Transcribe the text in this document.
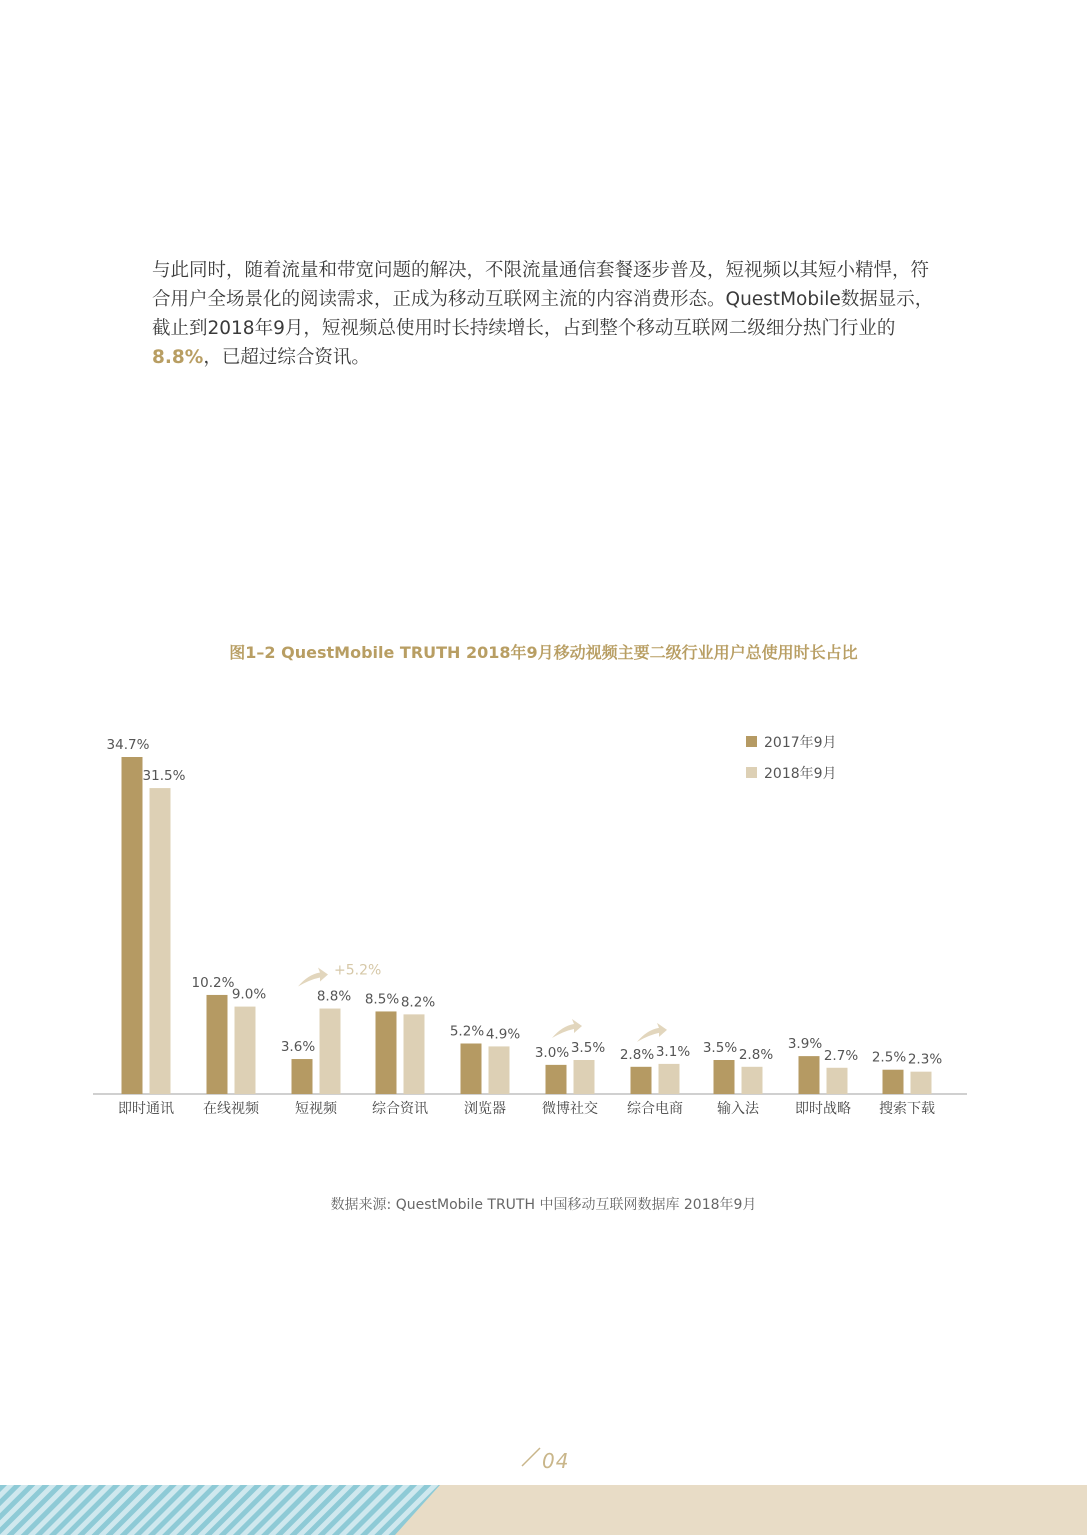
与此同时，随着流量和带宽问题的解决，不限流量通信套餐逐步普及，短视频以其短小精悍，符合用户全场景化的阅读需求，正成为移动互联网主流的内容消费形态。QuestMobile数据显示，截止到2018年9月，短视频总使用时长持续增长，占到整个移动互联网二级细分热门行业的8.8%，已超过综合资讯。

图1–2 QuestMobile TRUTH 2018年9月移动视频主要二级行业用户总使用时长占比
34.7%
31.5%
即时通讯
10.2%
9.0%
在线视频
3.6%
8.8%
短视频
8.5% 8.2%
综合资讯
5.2% 4.9%
浏览器
3.0% 3.5%
微博社交
2.8% 3.1%
综合电商
3.5% 2.8%
输入法
3.9%
2.7%
即时战略
2.5% 2.3%
搜索下载
+5.2%
2017年9月
2018年9月
数据来源: QuestMobile TRUTH 中国移动互联网数据库 2018年9月
04
